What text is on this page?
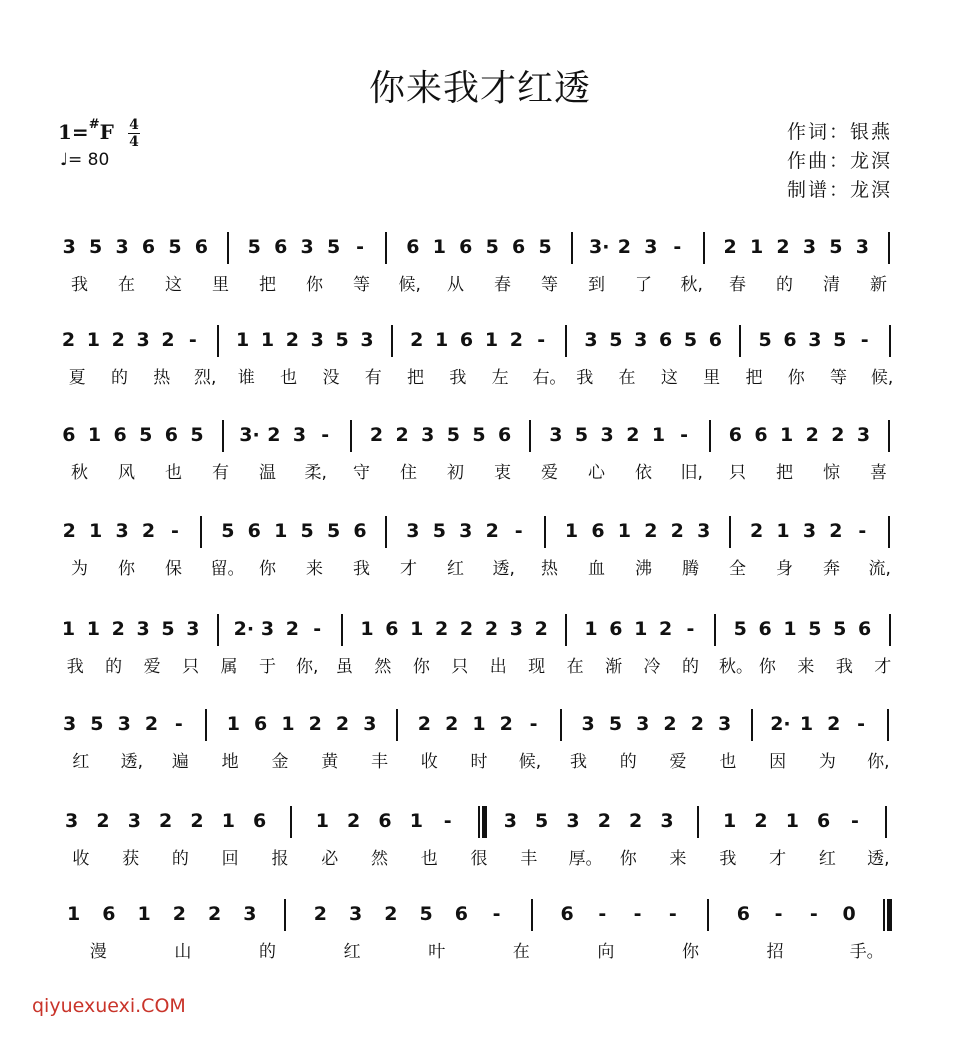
你来我才红透
1=#F 4
4
♩= 80
作词：银燕
作曲：龙溟
制谱：龙溟
3 5 3 6 5 6 5 6 3 5 - 6 1 6 5 6 5 3· 2 3 - 2 1 2 3 5 3
我 在 这 里 把 你 等 候, 从 春 等 到 了 秋, 春 的 清 新
2 1 2 3 2 - 1 1 2 3 5 3 2 1 6 1 2 - 3 5 3 6 5 6 5 6 3 5 -
夏 的 热 烈, 谁 也 没 有 把 我 左 右。 我 在 这 里 把 你 等 候,
6 1 6 5 6 5 3· 2 3 - 2 2 3 5 5 6 3 5 3 2 1 - 6 6 1 2 2 3
秋 风 也 有 温 柔, 守 住 初 衷 爱 心 依 旧, 只 把 惊 喜
2 1 3 2 - 5 6 1 5 5 6 3 5 3 2 - 1 6 1 2 2 3 2 1 3 2 -
为 你 保 留。 你 来 我 才 红 透, 热 血 沸 腾 全 身 奔 流,
1 1 2 3 5 3 2· 3 2 - 1 6 1 2 2 2 3 2 1 6 1 2 - 5 6 1 5 5 6
我 的 爱 只 属 于 你, 虽 然 你 只 出 现 在 渐 冷 的 秋。 你 来 我 才
3 5 3 2 - 1 6 1 2 2 3 2 2 1 2 - 3 5 3 2 2 3 2· 1 2 -
红 透, 遍 地 金 黄 丰 收 时 候, 我 的 爱 也 因 为 你,
3 2 3 2 2 1 6	1 2 6 1 -	3 5 3 2 2 3	1 2 1 6 -
收 获 的 回 报 必 然 也 很 丰 厚。 你 来 我 才 红 透,
1 6 1 2 2 3	2 3 2 5 6 -	6 - - -	6 - - 0
漫	山	的	红	叶	在	向	你	招	手。
qiyuexuexi.COM
